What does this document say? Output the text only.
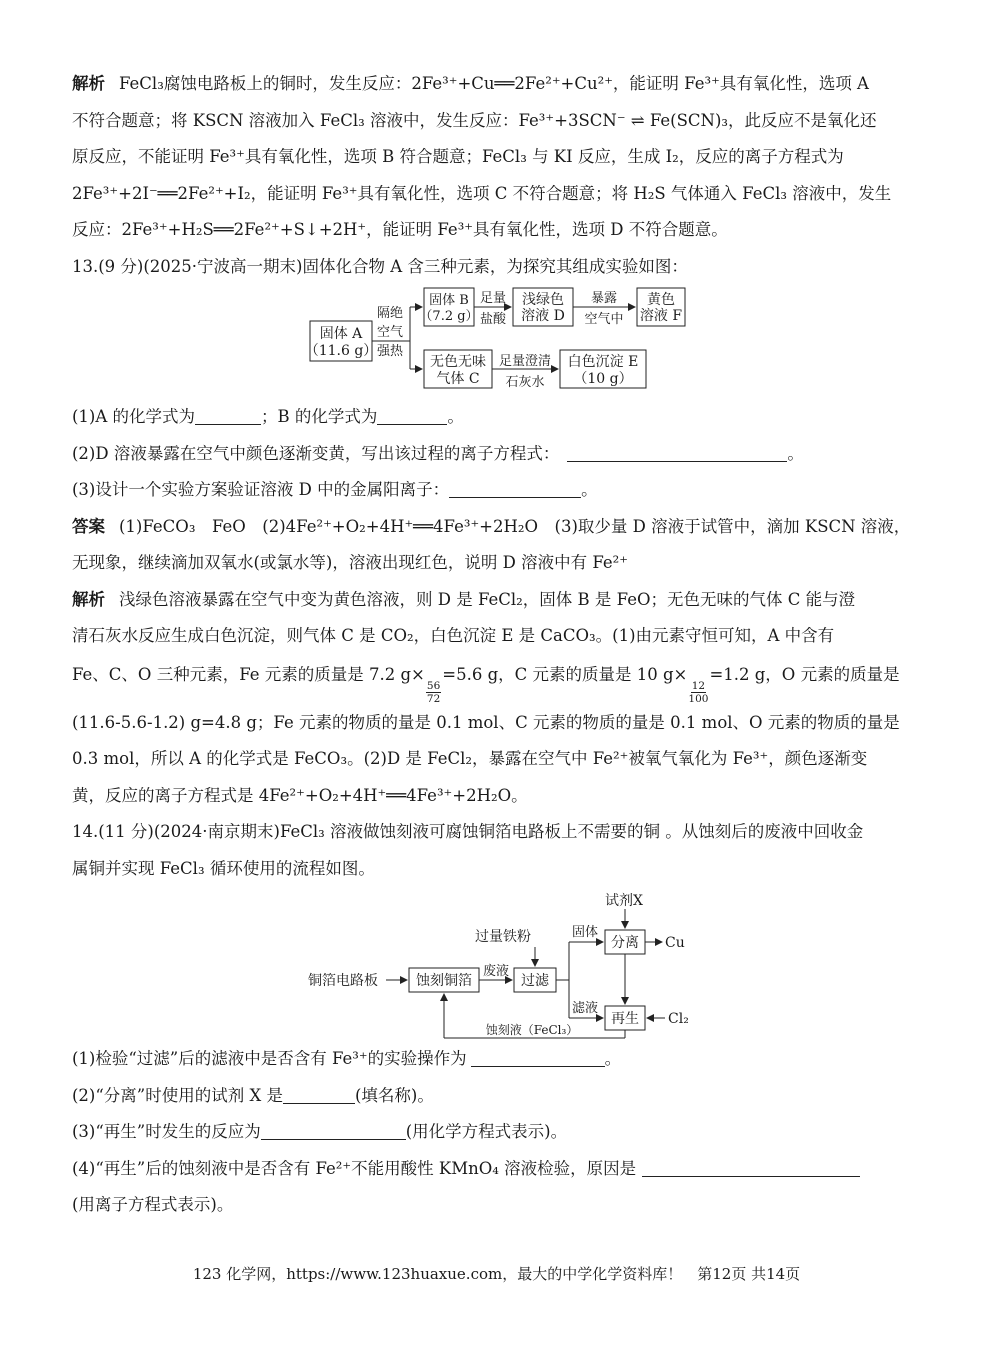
解析 FeCl₃腐蚀电路板上的铜时，发生反应：2Fe³⁺+Cu══2Fe²⁺+Cu²⁺，能证明 Fe³⁺具有氧化性，选项 A

不符合题意；将 KSCN 溶液加入 FeCl₃ 溶液中，发生反应：Fe³⁺+3SCN⁻ ⇌ Fe(SCN)₃，此反应不是氧化还

原反应，不能证明 Fe³⁺具有氧化性，选项 B 符合题意；FeCl₃ 与 KI 反应，生成 I₂，反应的离子方程式为

2Fe³⁺+2I⁻══2Fe²⁺+I₂，能证明 Fe³⁺具有氧化性，选项 C 不符合题意；将 H₂S 气体通入 FeCl₃ 溶液中，发生

反应：2Fe³⁺+H₂S══2Fe²⁺+S↓+2H⁺，能证明 Fe³⁺具有氧化性，选项 D 不符合题意。

13.(9 分)(2025·宁波高一期末)固体化合物 A 含三种元素，为探究其组成实验如图：

固体 A
（11.6 g）
隔绝
空气
强热
固体 B
（7.2 g）
足量
盐酸
浅绿色
溶液 D
暴露
空气中
黄色
溶液 F
无色无味
气体 C
足量澄清
石灰水
白色沉淀 E
（10 g）

(1)A 的化学式为	；B 的化学式为	。

(2)D 溶液暴露在空气中颜色逐渐变黄，写出该过程的离子方程式：	。

(3)设计一个实验方案验证溶液 D 中的金属阳离子：	。

答案 (1)FeCO₃　FeO　(2)4Fe²⁺+O₂+4H⁺══4Fe³⁺+2H₂O　(3)取少量 D 溶液于试管中，滴加 KSCN 溶液，

无现象，继续滴加双氧水(或氯水等)，溶液出现红色，说明 D 溶液中有 Fe²⁺

解析 浅绿色溶液暴露在空气中变为黄色溶液，则 D 是 FeCl₂，固体 B 是 FeO；无色无味的气体 C 能与澄

清石灰水反应生成白色沉淀，则气体 C 是 CO₂，白色沉淀 E 是 CaCO₃。(1)由元素守恒可知，A 中含有

Fe、C、O 三种元素，Fe 元素的质量是 7.2 g×
$\frac{56}{72}$
=5.6 g，C 元素的质量是 10 g×
$\frac{12}{100}$
=1.2 g，O 元素的质量是

(11.6-5.6-1.2) g=4.8 g；Fe 元素的物质的量是 0.1 mol、C 元素的物质的量是 0.1 mol、O 元素的物质的量是

0.3 mol，所以 A 的化学式是 FeCO₃。(2)D 是 FeCl₂，暴露在空气中 Fe²⁺被氧气氧化为 Fe³⁺，颜色逐渐变

黄，反应的离子方程式是 4Fe²⁺+O₂+4H⁺══4Fe³⁺+2H₂O。

14.(11 分)(2024·南京期末)FeCl₃ 溶液做蚀刻液可腐蚀铜箔电路板上不需要的铜 。从蚀刻后的废液中回收金

属铜并实现 FeCl₃ 循环使用的流程如图。

试剂X
过量铁粉	分离 Cu
铜箔电路板	蚀刻铜箔
废液
过滤
固体
滤液
再生 Cl₂
蚀刻液（FeCl₃）

(1)检验“过滤”后的滤液中是否含有 Fe³⁺的实验操作为	。

(2)“分离”时使用的试剂 X 是	(填名称)。

(3)“再生”时发生的反应为	(用化学方程式表示)。

(4)“再生”后的蚀刻液中是否含有 Fe²⁺不能用酸性 KMnO₄ 溶液检验，原因是

(用离子方程式表示)。

123 化学网，https://www.123huaxue.com，最大的中学化学资料库！　第12页 共14页
